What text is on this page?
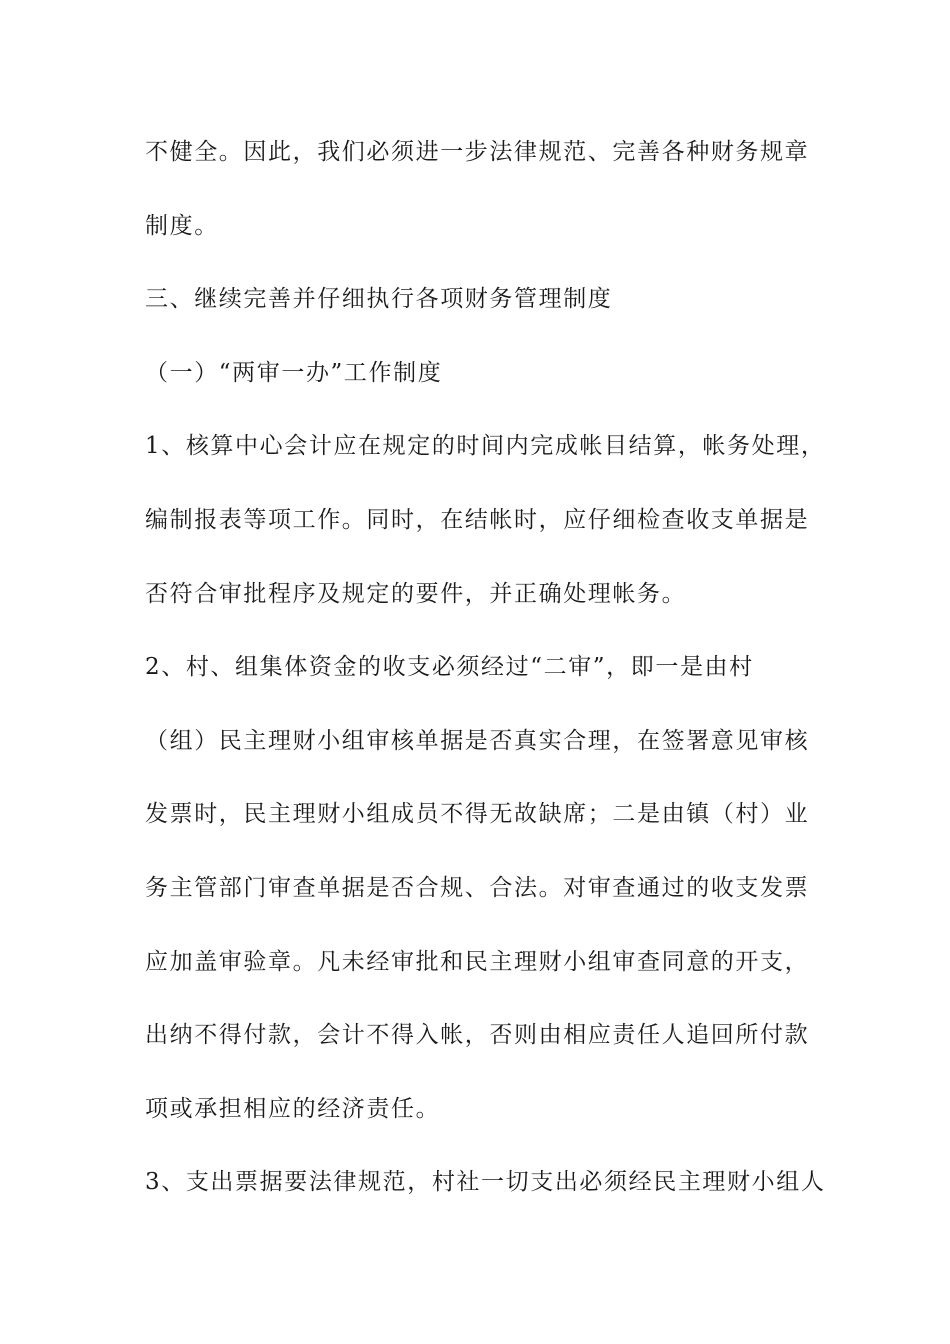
不健全。因此，我们必须进一步法律规范、完善各种财务规章
制度。
三、继续完善并仔细执行各项财务管理制度
（一）“两审一办”工作制度
1、核算中心会计应在规定的时间内完成帐目结算，帐务处理，
编制报表等项工作。同时，在结帐时，应仔细检查收支单据是
否符合审批程序及规定的要件，并正确处理帐务。
2、村、组集体资金的收支必须经过“二审”，即一是由村
（组）民主理财小组审核单据是否真实合理，在签署意见审核
发票时，民主理财小组成员不得无故缺席；二是由镇（村）业
务主管部门审查单据是否合规、合法。对审查通过的收支发票
应加盖审验章。凡未经审批和民主理财小组审查同意的开支，
出纳不得付款，会计不得入帐，否则由相应责任人追回所付款
项或承担相应的经济责任。
3、支出票据要法律规范，村社一切支出必须经民主理财小组人
